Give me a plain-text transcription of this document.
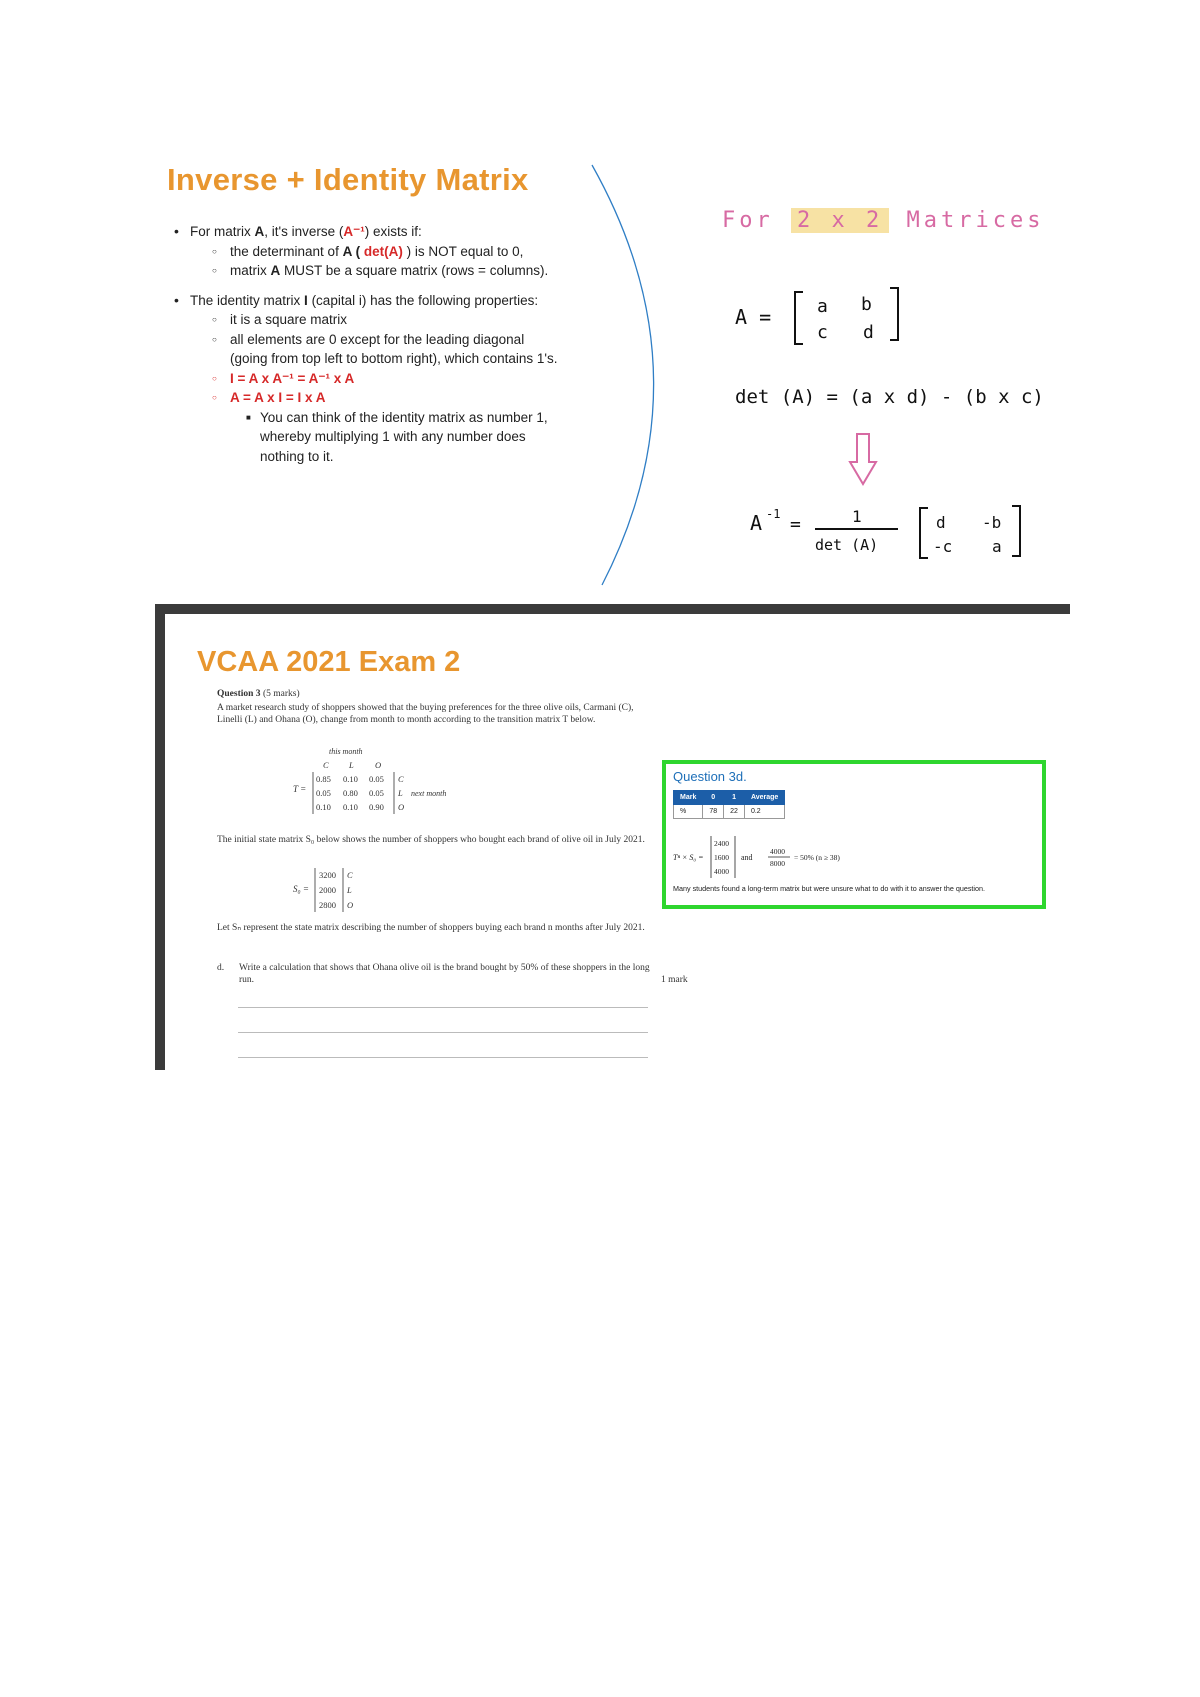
Inverse + Identity Matrix
• For matrix A, it's inverse (A⁻¹) exists if:
○ the determinant of A ( det(A) ) is NOT equal to 0,
○ matrix A MUST be a square matrix (rows = columns).
• The identity matrix I (capital i) has the following properties:
○ it is a square matrix
○ all elements are 0 except for the leading diagonal
(going from top left to bottom right), which contains 1's.
○ I = A x A⁻¹ = A⁻¹ x A
○ A = A x I = I x A
■ You can think of the identity matrix as number 1,
whereby multiplying 1 with any number does
nothing to it.
For 2 x 2 Matrices
A =	a b
c d
det (A) = (a x d) - (b x c)
A -1 =	1
det (A)
d -b
-c a
VCAA 2021 Exam 2
Question 3 (5 marks)
A market research study of shoppers showed that the buying preferences for the three olive oils, Carmani (C), Linelli (L) and Ohana (O), change from month to month according to the transition matrix T below.
this month
C L	O
T =
0.85 0.10 0.05
0.05 0.80 0.05
0.10 0.10 0.90
C
L
O
next month
The initial state matrix S₀ below shows the number of shoppers who bought each brand of olive oil in July 2021.
S₀ =
3200
2000
2800
C
L
O
Let Sₙ represent the state matrix describing the number of shoppers buying each brand n months after July 2021.
d.	Write a calculation that shows that Ohana olive oil is the brand bought by 50% of these shoppers in the long run.	1 mark
Question 3d.
Mark	0	1	Average
%	78	22	0.2
Tⁿ × S₀ =
2400
1600
4000
and
4000
8000
= 50% (n ≥ 38)
Many students found a long-term matrix but were unsure what to do with it to answer the question.
